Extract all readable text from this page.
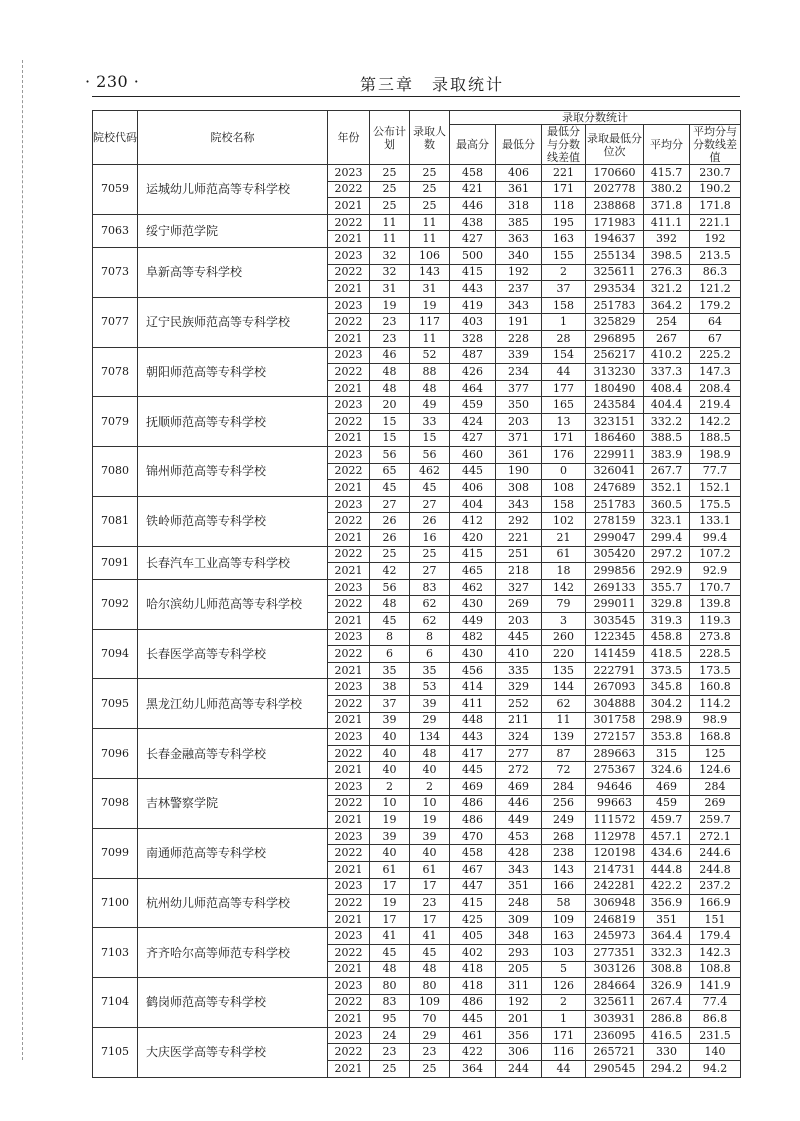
· 230 ·	第三章　录取统计
院校代码	院校名称	年份	公布计划	录取人数	录取分数统计					
					最高分	最低分	最低分与分数线差值	录取最低分位次	平均分	平均分与分数线差值
7059	运城幼儿师范高等专科学校	2023	25	25	458	406	221	170660	415.7	230.7
		2022	25	25	421	361	171	202778	380.2	190.2
		2021	25	25	446	318	118	238868	371.8	171.8
7063	绥宁师范学院	2022	11	11	438	385	195	171983	411.1	221.1
		2021	11	11	427	363	163	194637	392	192
7073	阜新高等专科学校	2023	32	106	500	340	155	255134	398.5	213.5
		2022	32	143	415	192	2	325611	276.3	86.3
		2021	31	31	443	237	37	293534	321.2	121.2
7077	辽宁民族师范高等专科学校	2023	19	19	419	343	158	251783	364.2	179.2
		2022	23	117	403	191	1	325829	254	64
		2021	23	11	328	228	28	296895	267	67
7078	朝阳师范高等专科学校	2023	46	52	487	339	154	256217	410.2	225.2
		2022	48	88	426	234	44	313230	337.3	147.3
		2021	48	48	464	377	177	180490	408.4	208.4
7079	抚顺师范高等专科学校	2023	20	49	459	350	165	243584	404.4	219.4
		2022	15	33	424	203	13	323151	332.2	142.2
		2021	15	15	427	371	171	186460	388.5	188.5
7080	锦州师范高等专科学校	2023	56	56	460	361	176	229911	383.9	198.9
		2022	65	462	445	190	0	326041	267.7	77.7
		2021	45	45	406	308	108	247689	352.1	152.1
7081	铁岭师范高等专科学校	2023	27	27	404	343	158	251783	360.5	175.5
		2022	26	26	412	292	102	278159	323.1	133.1
		2021	26	16	420	221	21	299047	299.4	99.4
7091	长春汽车工业高等专科学校	2022	25	25	415	251	61	305420	297.2	107.2
		2021	42	27	465	218	18	299856	292.9	92.9
7092	哈尔滨幼儿师范高等专科学校	2023	56	83	462	327	142	269133	355.7	170.7
		2022	48	62	430	269	79	299011	329.8	139.8
		2021	45	62	449	203	3	303545	319.3	119.3
7094	长春医学高等专科学校	2023	8	8	482	445	260	122345	458.8	273.8
		2022	6	6	430	410	220	141459	418.5	228.5
		2021	35	35	456	335	135	222791	373.5	173.5
7095	黑龙江幼儿师范高等专科学校	2023	38	53	414	329	144	267093	345.8	160.8
		2022	37	39	411	252	62	304888	304.2	114.2
		2021	39	29	448	211	11	301758	298.9	98.9
7096	长春金融高等专科学校	2023	40	134	443	324	139	272157	353.8	168.8
		2022	40	48	417	277	87	289663	315	125
		2021	40	40	445	272	72	275367	324.6	124.6
7098	吉林警察学院	2023	2	2	469	469	284	94646	469	284
		2022	10	10	486	446	256	99663	459	269
		2021	19	19	486	449	249	111572	459.7	259.7
7099	南通师范高等专科学校	2023	39	39	470	453	268	112978	457.1	272.1
		2022	40	40	458	428	238	120198	434.6	244.6
		2021	61	61	467	343	143	214731	444.8	244.8
7100	杭州幼儿师范高等专科学校	2023	17	17	447	351	166	242281	422.2	237.2
		2022	19	23	415	248	58	306948	356.9	166.9
		2021	17	17	425	309	109	246819	351	151
7103	齐齐哈尔高等师范专科学校	2023	41	41	405	348	163	245973	364.4	179.4
		2022	45	45	402	293	103	277351	332.3	142.3
		2021	48	48	418	205	5	303126	308.8	108.8
7104	鹤岗师范高等专科学校	2023	80	80	418	311	126	284664	326.9	141.9
		2022	83	109	486	192	2	325611	267.4	77.4
		2021	95	70	445	201	1	303931	286.8	86.8
7105	大庆医学高等专科学校	2023	24	29	461	356	171	236095	416.5	231.5
		2022	23	23	422	306	116	265721	330	140
		2021	25	25	364	244	44	290545	294.2	94.2
